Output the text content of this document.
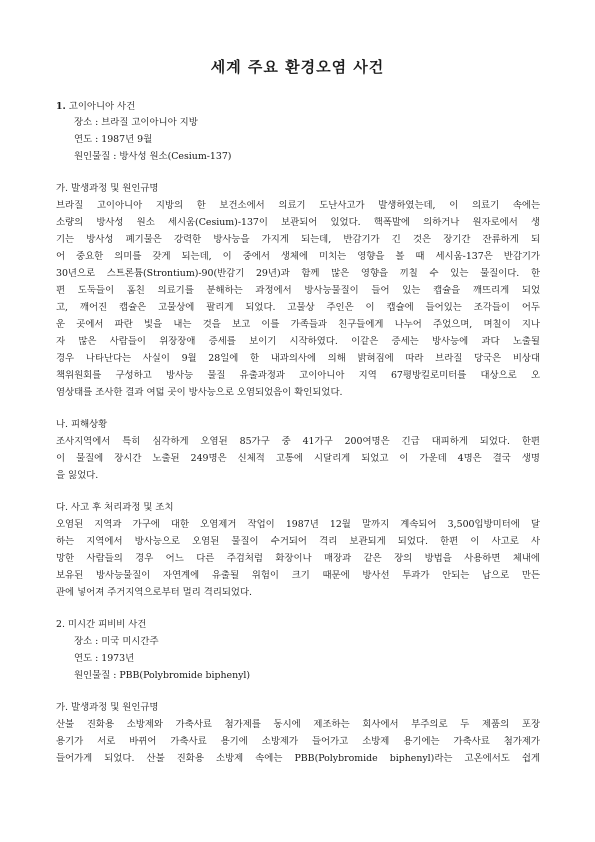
세계 주요 환경오염 사건
1. 고이아니아 사건
장소 : 브라질 고이아니아 지방
연도 : 1987년 9월
원인물질 : 방사성 원소(Cesium-137)
가. 발생과정 및 원인규명
브라질 고이아니아 지방의 한 보건소에서 의료기 도난사고가 발생하였는데, 이 의료기 속에는
소량의 방사성 원소 세시움(Cesium)-137이 보관되어 있었다. 핵폭발에 의하거나 원자로에서 생
기는 방사성 폐기물은 강력한 방사능을 가지게 되는데, 반감기가 긴 것은 장기간 잔류하게 되
어 중요한 의미를 갖게 되는데, 이 중에서 생체에 미치는 영향을 볼 때 세시움-137은 반감기가
30년으로 스트론튬(Strontium)-90(반감기 29년)과 함께 많은 영향을 끼칠 수 있는 물질이다. 한
편 도둑들이 훔친 의료기를 분해하는 과정에서 방사능물질이 들어 있는 캡슐을 깨뜨리게 되었
고, 깨어진 캡슐은 고물상에 팔리게 되었다. 고물상 주인은 이 캡슐에 들어있는 조각들이 어두
운 곳에서 파란 빛을 내는 것을 보고 이를 가족들과 친구들에게 나누어 주었으며, 며칠이 지나
자 많은 사람들이 위장장애 증세를 보이기 시작하였다. 이같은 증세는 방사능에 과다 노출될
경우 나타난다는 사실이 9월 28일에 한 내과의사에 의해 밝혀짐에 따라 브라질 당국은 비상대
책위원회를 구성하고 방사능 물질 유출과정과 고이아니아 지역 67평방킬로미터를 대상으로 오
염상태를 조사한 결과 여덟 곳이 방사능으로 오염되었음이 확인되었다.
나. 피해상황
조사지역에서 특히 심각하게 오염된 85가구 중 41가구 200여명은 긴급 대피하게 되었다. 한편
이 물질에 장시간 노출된 249명은 신체적 고통에 시달리게 되었고 이 가운데 4명은 결국 생명
을 잃었다.
다. 사고 후 처리과정 및 조치
오염된 지역과 가구에 대한 오염제거 작업이 1987년 12월 말까지 계속되어 3,500입방미터에 달
하는 지역에서 방사능으로 오염된 물질이 수거되어 격리 보관되게 되었다. 한편 이 사고로 사
망한 사람들의 경우 어느 다른 주검처럼 화장이나 매장과 같은 장의 방법을 사용하면 체내에
보유된 방사능물질이 자연계에 유출될 위험이 크기 때문에 방사선 투과가 안되는 납으로 만든
관에 넣어져 주거지역으로부터 멀리 격리되었다.
2. 미시간 피비비 사건
장소 : 미국 미시간주
연도 : 1973년
원인물질 : PBB(Polybromide biphenyl)
가. 발생과정 및 원인규명
산불 진화용 소방제와 가축사료 첨가제를 동시에 제조하는 회사에서 부주의로 두 제품의 포장
용기가 서로 바뀌어 가축사료 용기에 소방제가 들어가고 소방제 용기에는 가축사료 첨가제가
들어가게 되었다. 산불 진화용 소방제 속에는 PBB(Polybromide biphenyl)라는 고온에서도 쉽게
